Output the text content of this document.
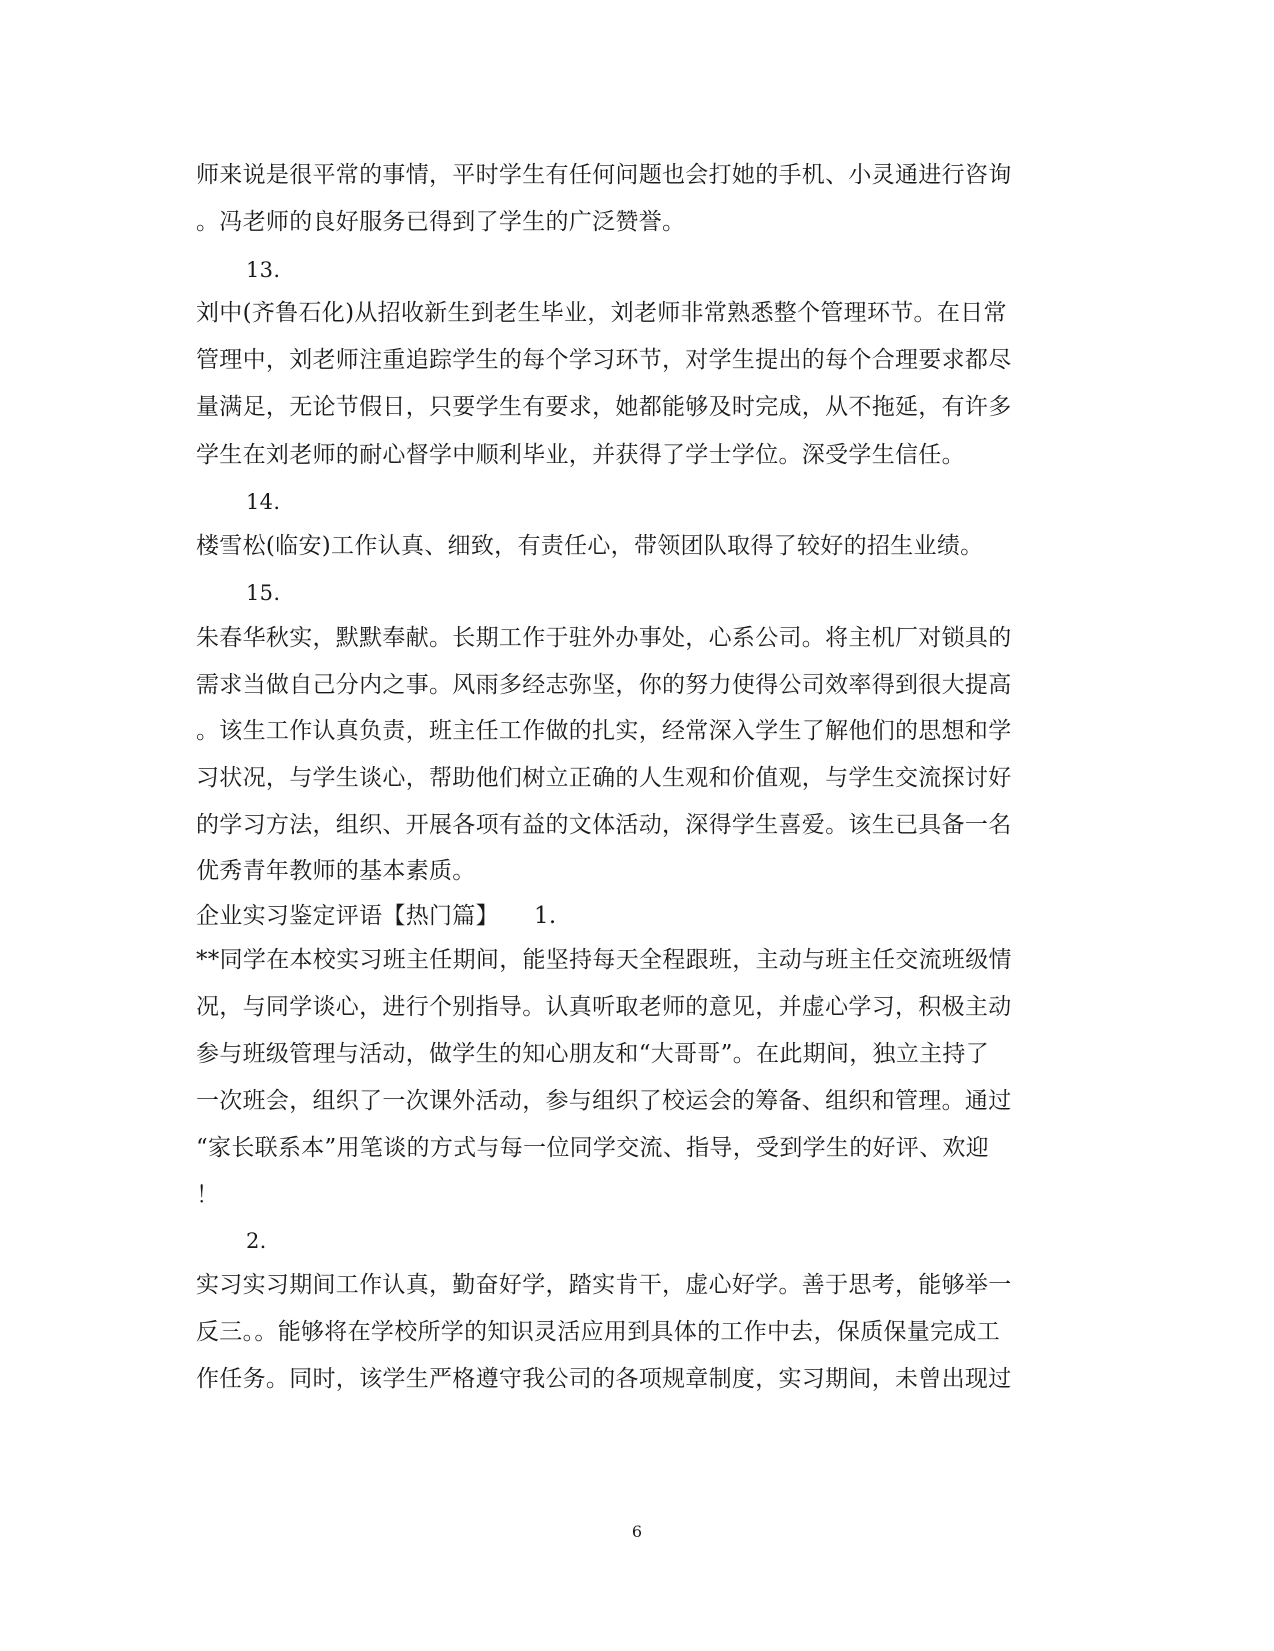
师来说是很平常的事情，平时学生有任何问题也会打她的手机、小灵通进行咨询
。冯老师的良好服务已得到了学生的广泛赞誉。
13.
刘中(齐鲁石化)从招收新生到老生毕业，刘老师非常熟悉整个管理环节。在日常
管理中，刘老师注重追踪学生的每个学习环节，对学生提出的每个合理要求都尽
量满足，无论节假日，只要学生有要求，她都能够及时完成，从不拖延，有许多
学生在刘老师的耐心督学中顺利毕业，并获得了学士学位。深受学生信任。
14.
楼雪松(临安)工作认真、细致，有责任心，带领团队取得了较好的招生业绩。
15.
朱春华秋实，默默奉献。长期工作于驻外办事处，心系公司。将主机厂对锁具的
需求当做自己分内之事。风雨多经志弥坚，你的努力使得公司效率得到很大提高
。该生工作认真负责，班主任工作做的扎实，经常深入学生了解他们的思想和学
习状况，与学生谈心，帮助他们树立正确的人生观和价值观，与学生交流探讨好
的学习方法，组织、开展各项有益的文体活动，深得学生喜爱。该生已具备一名
优秀青年教师的基本素质。
企业实习鉴定评语【热门篇】　　1.
**同学在本校实习班主任期间，能坚持每天全程跟班，主动与班主任交流班级情
况，与同学谈心，进行个别指导。认真听取老师的意见，并虚心学习，积极主动
参与班级管理与活动，做学生的知心朋友和“大哥哥”。在此期间，独立主持了
一次班会，组织了一次课外活动，参与组织了校运会的筹备、组织和管理。通过
“家长联系本”用笔谈的方式与每一位同学交流、指导，受到学生的好评、欢迎
！
2.
实习实习期间工作认真，勤奋好学，踏实肯干，虚心好学。善于思考，能够举一
反三。。能够将在学校所学的知识灵活应用到具体的工作中去，保质保量完成工
作任务。同时，该学生严格遵守我公司的各项规章制度，实习期间，未曾出现过
6
